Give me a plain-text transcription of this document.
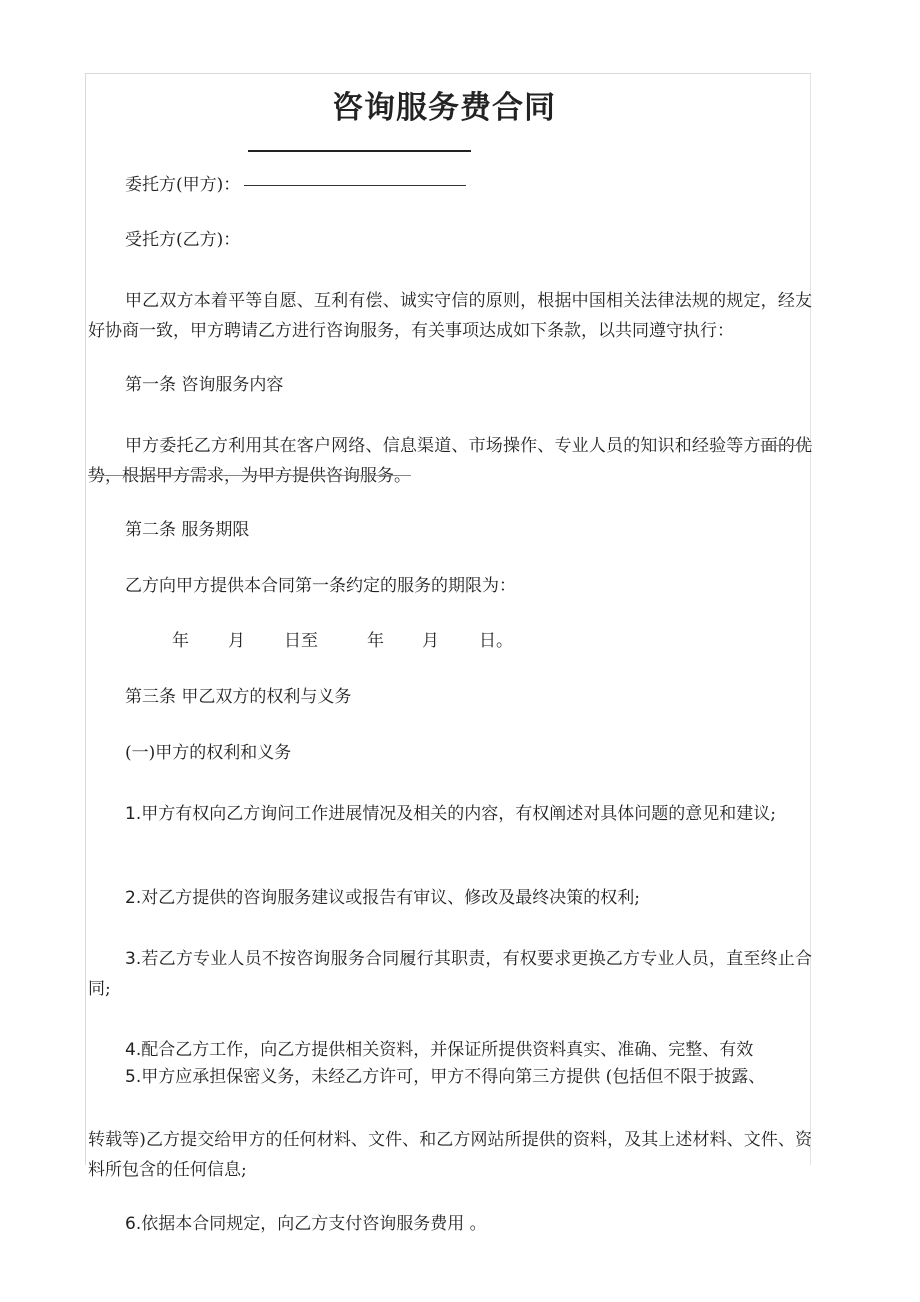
咨询服务费合同
委托方(甲方)：
受托方(乙方)：

甲乙双方本着平等自愿、互利有偿、诚实守信的原则，根据中国相关法律法规的规定，经友好协商一致，甲方聘请乙方进行咨询服务，有关事项达成如下条款，以共同遵守执行：

第一条 咨询服务内容

甲方委托乙方利用其在客户网络、信息渠道、市场操作、专业人员的知识和经验等方面的优势，根据甲方需求，为甲方提供咨询服务。

第二条 服务期限
乙方向甲方提供本合同第一条约定的服务的期限为：
年 月 日至	年 月 日。
第三条 甲乙双方的权利与义务
(一)甲方的权利和义务

1.甲方有权向乙方询问工作进展情况及相关的内容，有权阐述对具体问题的意见和建议;

2.对乙方提供的咨询服务建议或报告有审议、修改及最终决策的权利;

3.若乙方专业人员不按咨询服务合同履行其职责，有权要求更换乙方专业人员，直至终止合同;

4.配合乙方工作，向乙方提供相关资料，并保证所提供资料真实、准确、完整、有效
5.甲方应承担保密义务，未经乙方许可，甲方不得向第三方提供 (包括但不限于披露、

转载等)乙方提交给甲方的任何材料、文件、和乙方网站所提供的资料，及其上述材料、文件、资料所包含的任何信息;

6.依据本合同规定，向乙方支付咨询服务费用 。
